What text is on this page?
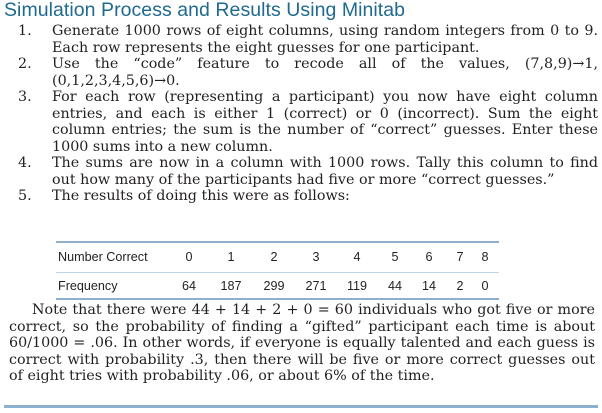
Simulation Process and Results Using Minitab
1. Generate 1000 rows of eight columns, using random integers from 0 to 9. Each row represents the eight guesses for one participant.
2. Use the “code” feature to recode all of the values, (7,8,9)→1, (0,1,2,3,4,5,6)→0.
3. For each row (representing a participant) you now have eight column entries, and each is either 1 (correct) or 0 (incorrect). Sum the eight column entries; the sum is the number of “correct” guesses. Enter these 1000 sums into a new column.
4. The sums are now in a column with 1000 rows. Tally this column to find out how many of the participants had five or more “correct guesses.”
5. The results of doing this were as follows:
Number Correct	0	1	2	3	4 5 6 7 8
Frequency	64 187 299 271 119 44 14 2 0
Note that there were 44 + 14 + 2 + 0 = 60 individuals who got five or more correct, so the probability of finding a “gifted” participant each time is about 60/1000 = .06. In other words, if everyone is equally talented and each guess is correct with probability .3, then there will be five or more correct guesses out of eight tries with probability .06, or about 6% of the time.
